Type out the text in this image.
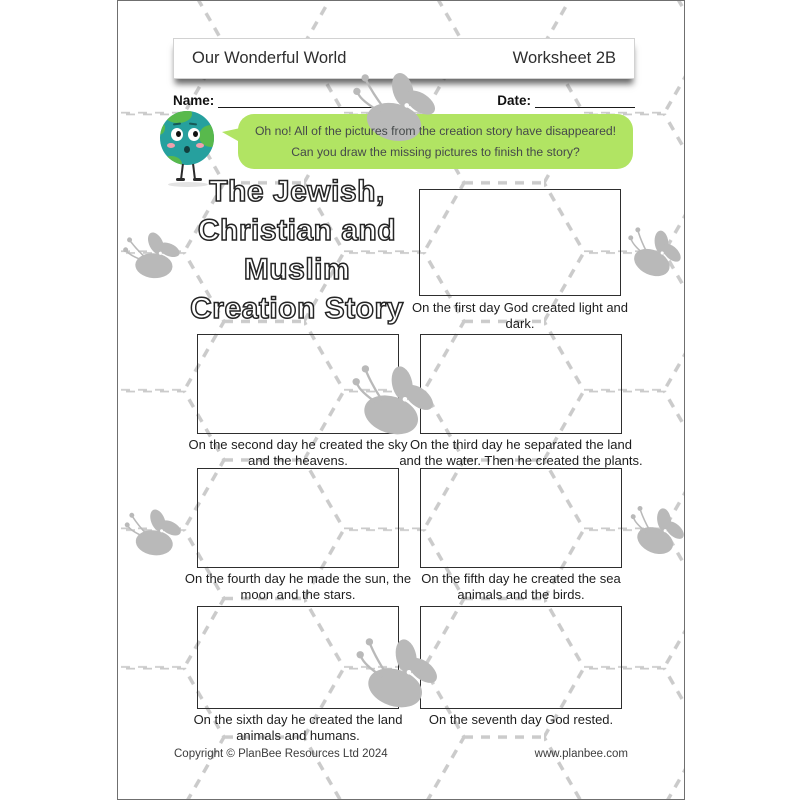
Our Wonderful World	Worksheet 2B
Name:	Date:
Oh no! All of the pictures from the creation story have disappeared!
Can you draw the missing pictures to finish the story?
The Jewish,
Christian and
Muslim
Creation Story On the first day God created light and
dark.
On the second day he created the sky
and the heavens.
On the third day he separated the land
and the water. Then he created the plants.
On the fourth day he made the sun, the
moon and the stars.
On the fifth day he created the sea
animals and the birds.
On the sixth day he created the land
animals and humans.
On the seventh day God rested.
Copyright © PlanBee Resources Ltd 2024	www.planbee.com
